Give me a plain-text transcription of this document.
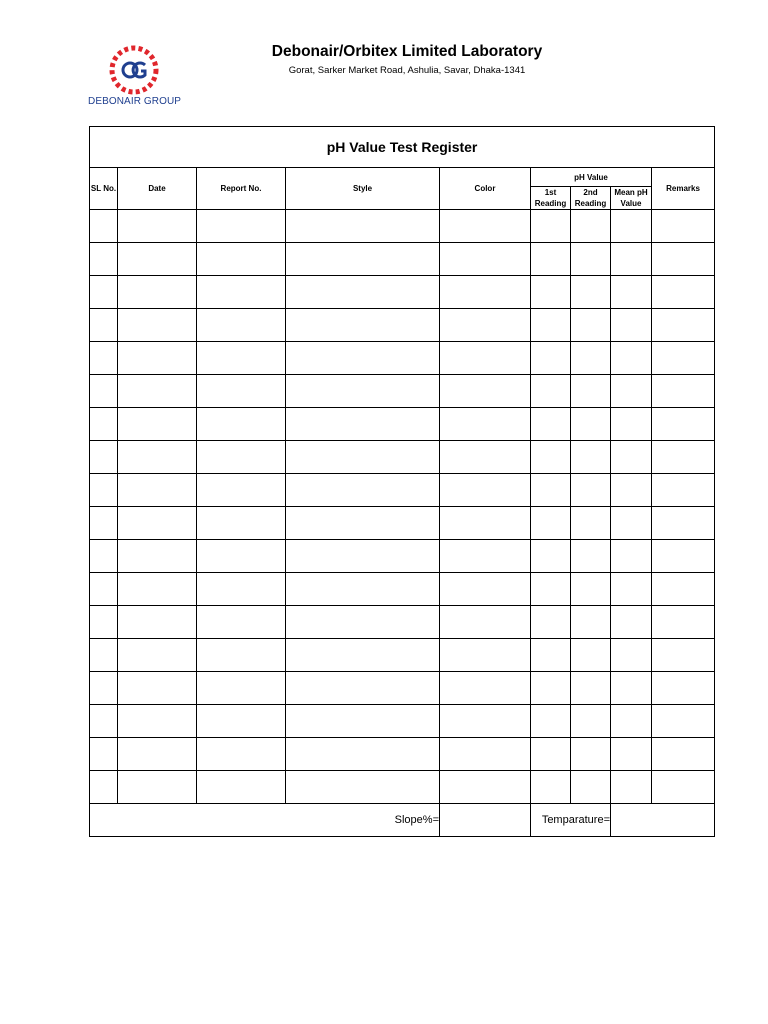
DEBONAIR GROUP
Debonair/Orbitex Limited Laboratory
Gorat, Sarker Market Road, Ashulia, Savar, Dhaka-1341
pH Value Test Register								
SL No.	Date	Report No.	Style	Color	pH Value			Remarks
					1st Reading	2nd Reading	Mean pH Value	

Slope%=					Temparature=			
